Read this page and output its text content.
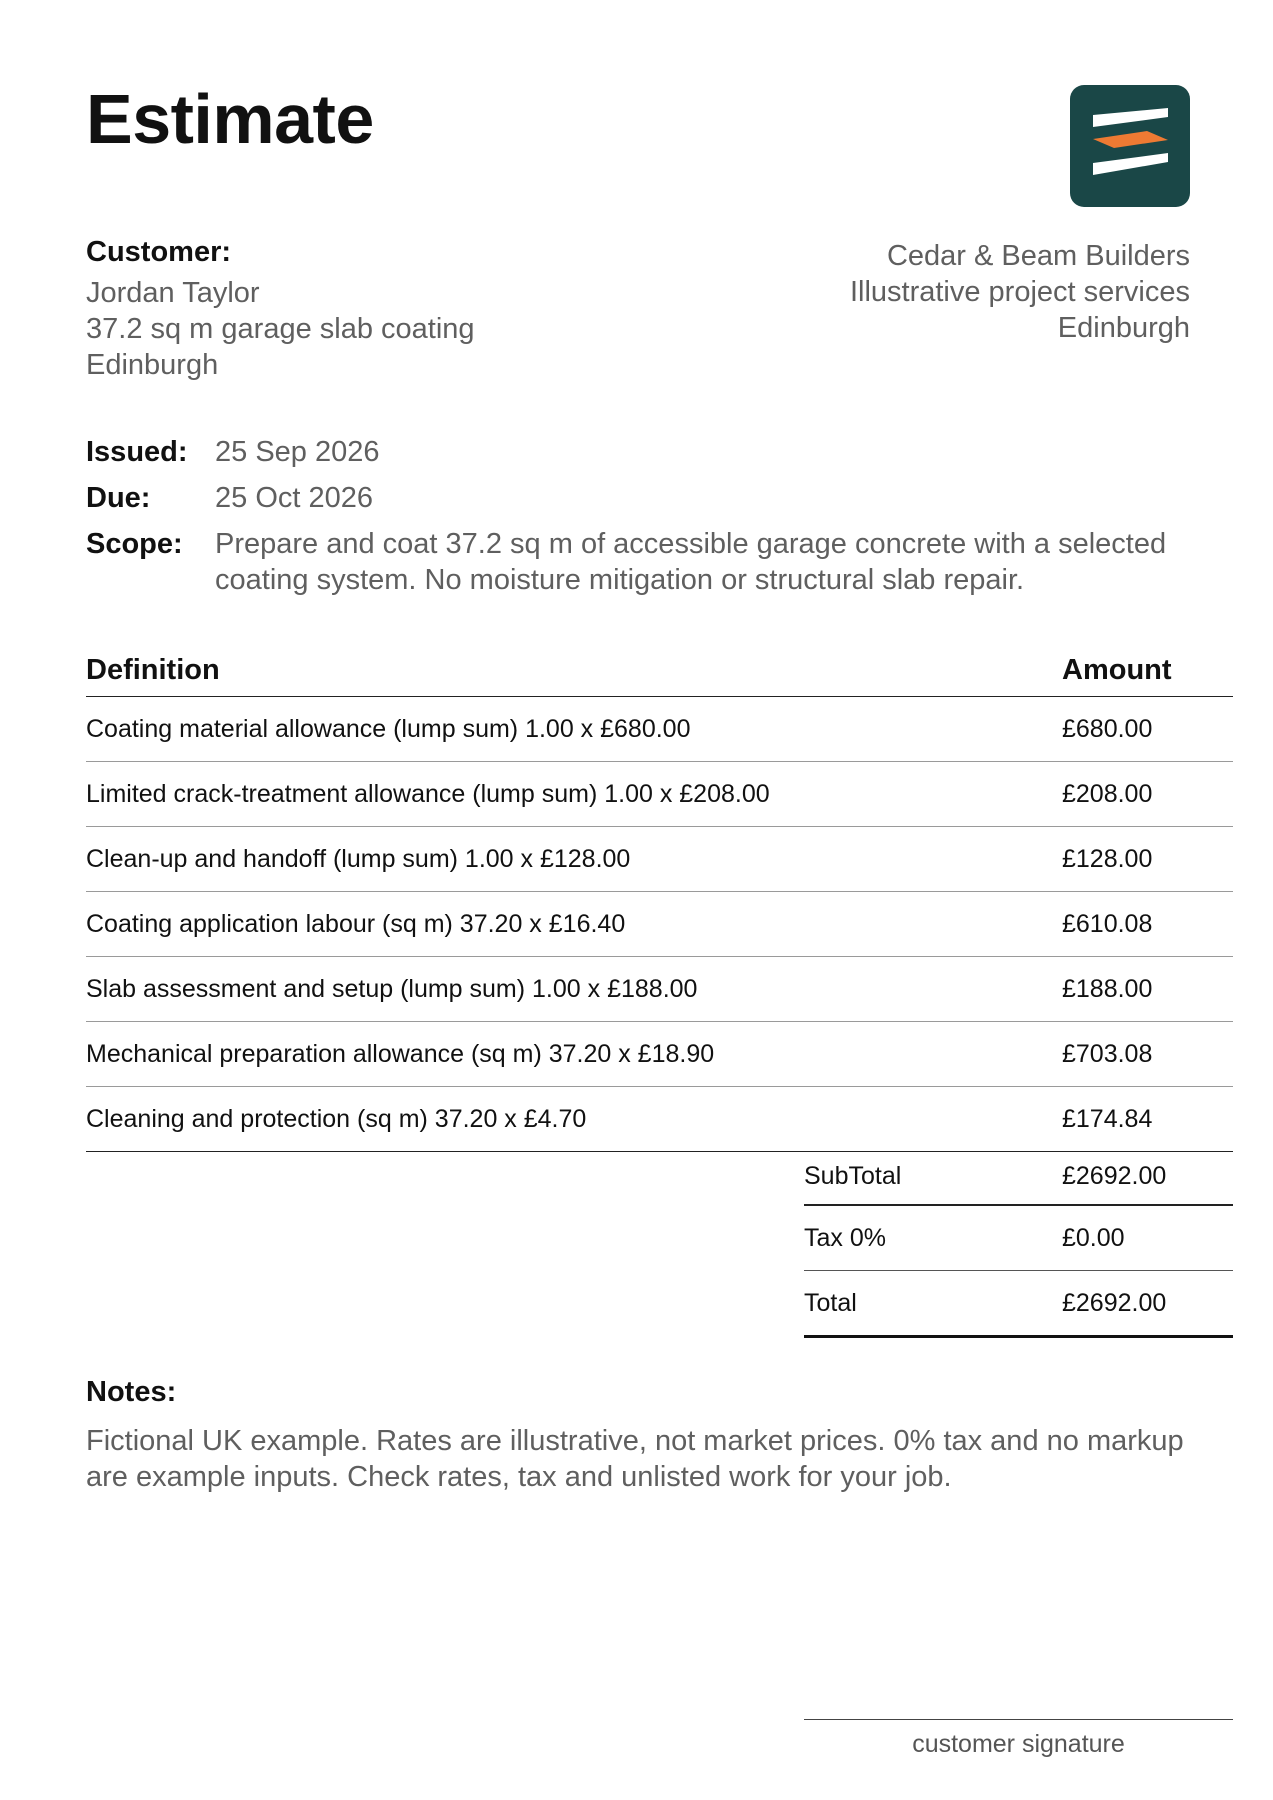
Estimate
Customer:
Jordan Taylor
37.2 sq m garage slab coating
Edinburgh
Cedar & Beam Builders
Illustrative project services
Edinburgh
Issued: 25 Sep 2026
Due:	25 Oct 2026
Scope:	Prepare and coat 37.2 sq m of accessible garage concrete with a selected coating system. No moisture mitigation or structural slab repair.
Definition	Amount
Coating material allowance (lump sum) 1.00 x £680.00	£680.00
Limited crack-treatment allowance (lump sum) 1.00 x £208.00	£208.00
Clean-up and handoff (lump sum) 1.00 x £128.00	£128.00
Coating application labour (sq m) 37.20 x £16.40	£610.08
Slab assessment and setup (lump sum) 1.00 x £188.00	£188.00
Mechanical preparation allowance (sq m) 37.20 x £18.90	£703.08
Cleaning and protection (sq m) 37.20 x £4.70	£174.84
SubTotal	£2692.00
Tax 0%	£0.00
Total	£2692.00
Notes:
Fictional UK example. Rates are illustrative, not market prices. 0% tax and no markup are example inputs. Check rates, tax and unlisted work for your job.
customer signature
